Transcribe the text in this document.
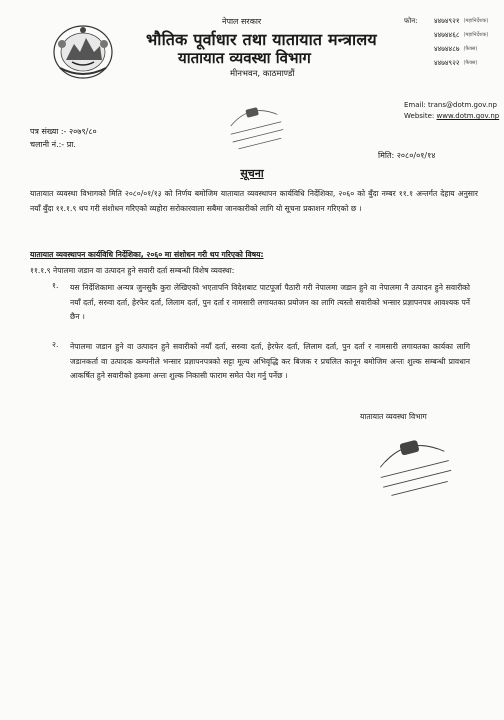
नेपाल सरकार
भौतिक पूर्वाधार तथा यातायात मन्त्रालय
यातायात व्यवस्था विभाग
मीनभवन, काठमाण्डौं
फोन:	४४७४९२१ (महानिर्देशक)
४४७४४६८ (महानिर्देशक)
४४७४४८७ (फैक्स)
४४७४९२२ (फैक्स)
Email: trans@dotm.gov.np
Website: www.dotm.gov.np
पत्र संख्या :- २०७९/८०
चलानी नं.:- प्रा.
मिति: २०८०/०१/१४
सूचना
यातायात व्यवस्था विभागको मिति २०८०/०१/१३ को निर्णय बमोजिम यातायात व्यवस्थापन कार्यविधि निर्देशिका, २०६० को बुँदा नम्बर ११.१ अन्तर्गत देहाय अनुसार नयाँ बुँदा ११.१.९ थप गरी संशोधन गरिएको व्यहोरा सरोकारवाला सबैमा जानकारीको लागि यो सूचना प्रकाशन गरिएको छ ।
यातायात व्यवस्थापन कार्यविधि निर्देशिका, २०६० मा संशोधन गरी थप गरिएको विषय:
११.१.९ नेपालमा जडान वा उत्पादन हुने सवारी दर्ता सम्बन्धी विशेष व्यवस्था:
१. यस निर्देशिकामा अन्यत्र जुनसुकै कुरा लेखिएको भएतापनि विदेशबाट पाटपूर्जा पैठारी गरी नेपालमा जडान हुने वा नेपालमा नै उत्पादन हुने सवारीको नयाँ दर्ता, सरुवा दर्ता, हेरफेर दर्ता, लिलाम दर्ता, पुन दर्ता र नामसारी लगायतका प्रयोजन का लागि त्यस्तो सवारीको भन्सार प्रज्ञापनपत्र आवश्यक पर्ने छैन ।
२. नेपालमा जडान हुने वा उत्पादन हुने सवारीको नयाँ दर्ता, सरुवा दर्ता, हेरफेर दर्ता, लिलाम दर्ता, पुन दर्ता र नामसारी लगायतका कार्यका लागि जडानकर्ता वा उत्पादक कम्पनीले भन्सार प्रज्ञापनपत्रको सट्टा मूल्य अभिवृद्धि कर बिजक र प्रचलित कानून बमोजिम अन्तः शुल्क सम्बन्धी प्रावधान आकर्षित हुने सवारीको हकमा अन्तः शुल्क निकासी फाराम समेत पेश गर्नु पर्नेछ ।
यातायात व्यवस्था विभाग
